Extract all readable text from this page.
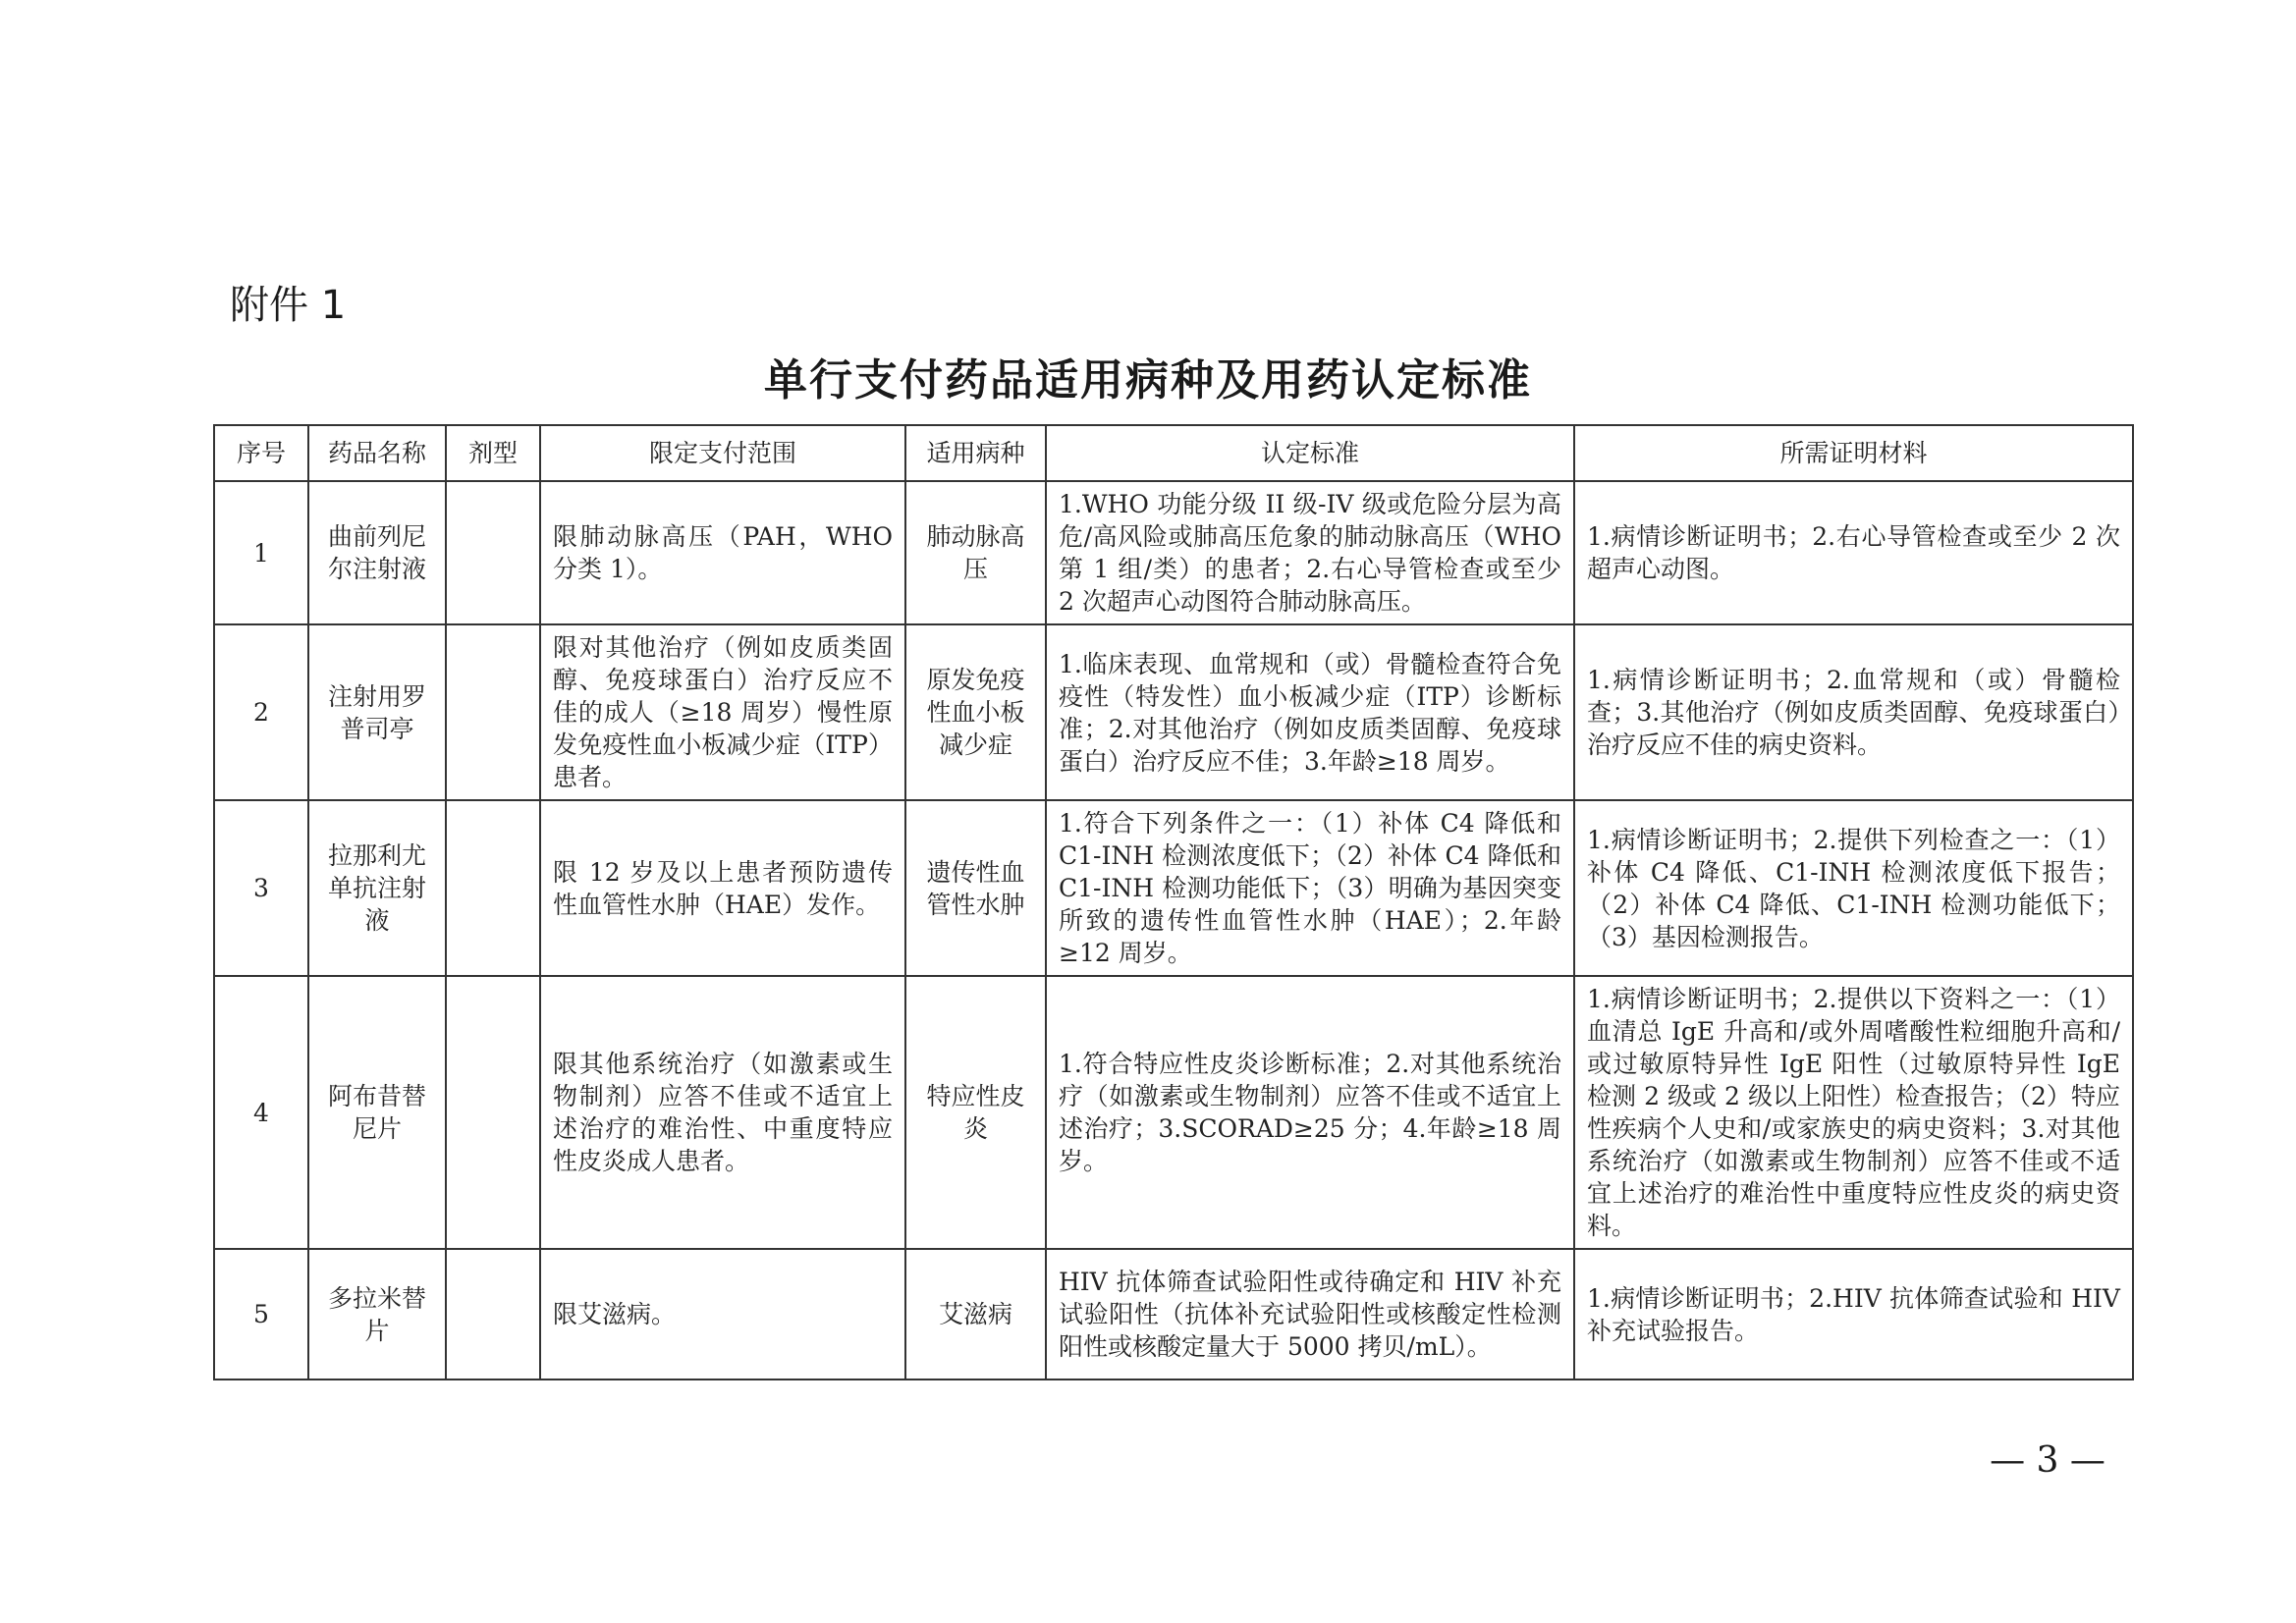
附件 1
单行支付药品适用病种及用药认定标准
序号	药品名称	剂型	限定支付范围	适用病种	认定标准	所需证明材料
1	曲前列尼尔注射液		限肺动脉高压（PAH，WHO 分类 1）。	肺动脉高压	1.WHO 功能分级 II 级-IV 级或危险分层为高危/高风险或肺高压危象的肺动脉高压（WHO 第 1 组/类）的患者；2.右心导管检查或至少 2 次超声心动图符合肺动脉高压。	1.病情诊断证明书；2.右心导管检查或至少 2 次超声心动图。
2	注射用罗普司亭		限对其他治疗（例如皮质类固醇、免疫球蛋白）治疗反应不佳的成人（≥18 周岁）慢性原发免疫性血小板减少症（ITP）患者。	原发免疫性血小板减少症	1.临床表现、血常规和（或）骨髓检查符合免疫性（特发性）血小板减少症（ITP）诊断标准；2.对其他治疗（例如皮质类固醇、免疫球蛋白）治疗反应不佳；3.年龄≥18 周岁。	1.病情诊断证明书；2.血常规和（或）骨髓检查；3.其他治疗（例如皮质类固醇、免疫球蛋白）治疗反应不佳的病史资料。
3	拉那利尤单抗注射液		限 12 岁及以上患者预防遗传性血管性水肿（HAE）发作。	遗传性血管性水肿	1.符合下列条件之一：（1）补体 C4 降低和 C1-INH 检测浓度低下；（2）补体 C4 降低和 C1-INH 检测功能低下；（3）明确为基因突变所致的遗传性血管性水肿（HAE）；2.年龄≥12 周岁。	1.病情诊断证明书；2.提供下列检查之一：（1）补体 C4 降低、C1-INH 检测浓度低下报告；（2）补体 C4 降低、C1-INH 检测功能低下；（3）基因检测报告。
4	阿布昔替尼片		限其他系统治疗（如激素或生物制剂）应答不佳或不适宜上述治疗的难治性、中重度特应性皮炎成人患者。	特应性皮炎	1.符合特应性皮炎诊断标准；2.对其他系统治疗（如激素或生物制剂）应答不佳或不适宜上述治疗；3.SCORAD≥25 分；4.年龄≥18 周岁。	1.病情诊断证明书；2.提供以下资料之一：（1）血清总 IgE 升高和/或外周嗜酸性粒细胞升高和/或过敏原特异性 IgE 阳性（过敏原特异性 IgE 检测 2 级或 2 级以上阳性）检查报告；（2）特应性疾病个人史和/或家族史的病史资料；3.对其他系统治疗（如激素或生物制剂）应答不佳或不适宜上述治疗的难治性中重度特应性皮炎的病史资料。
5	多拉米替片		限艾滋病。	艾滋病	HIV 抗体筛查试验阳性或待确定和 HIV 补充试验阳性（抗体补充试验阳性或核酸定性检测阳性或核酸定量大于 5000 拷贝/mL）。	1.病情诊断证明书；2.HIV 抗体筛查试验和 HIV 补充试验报告。
— 3 —
